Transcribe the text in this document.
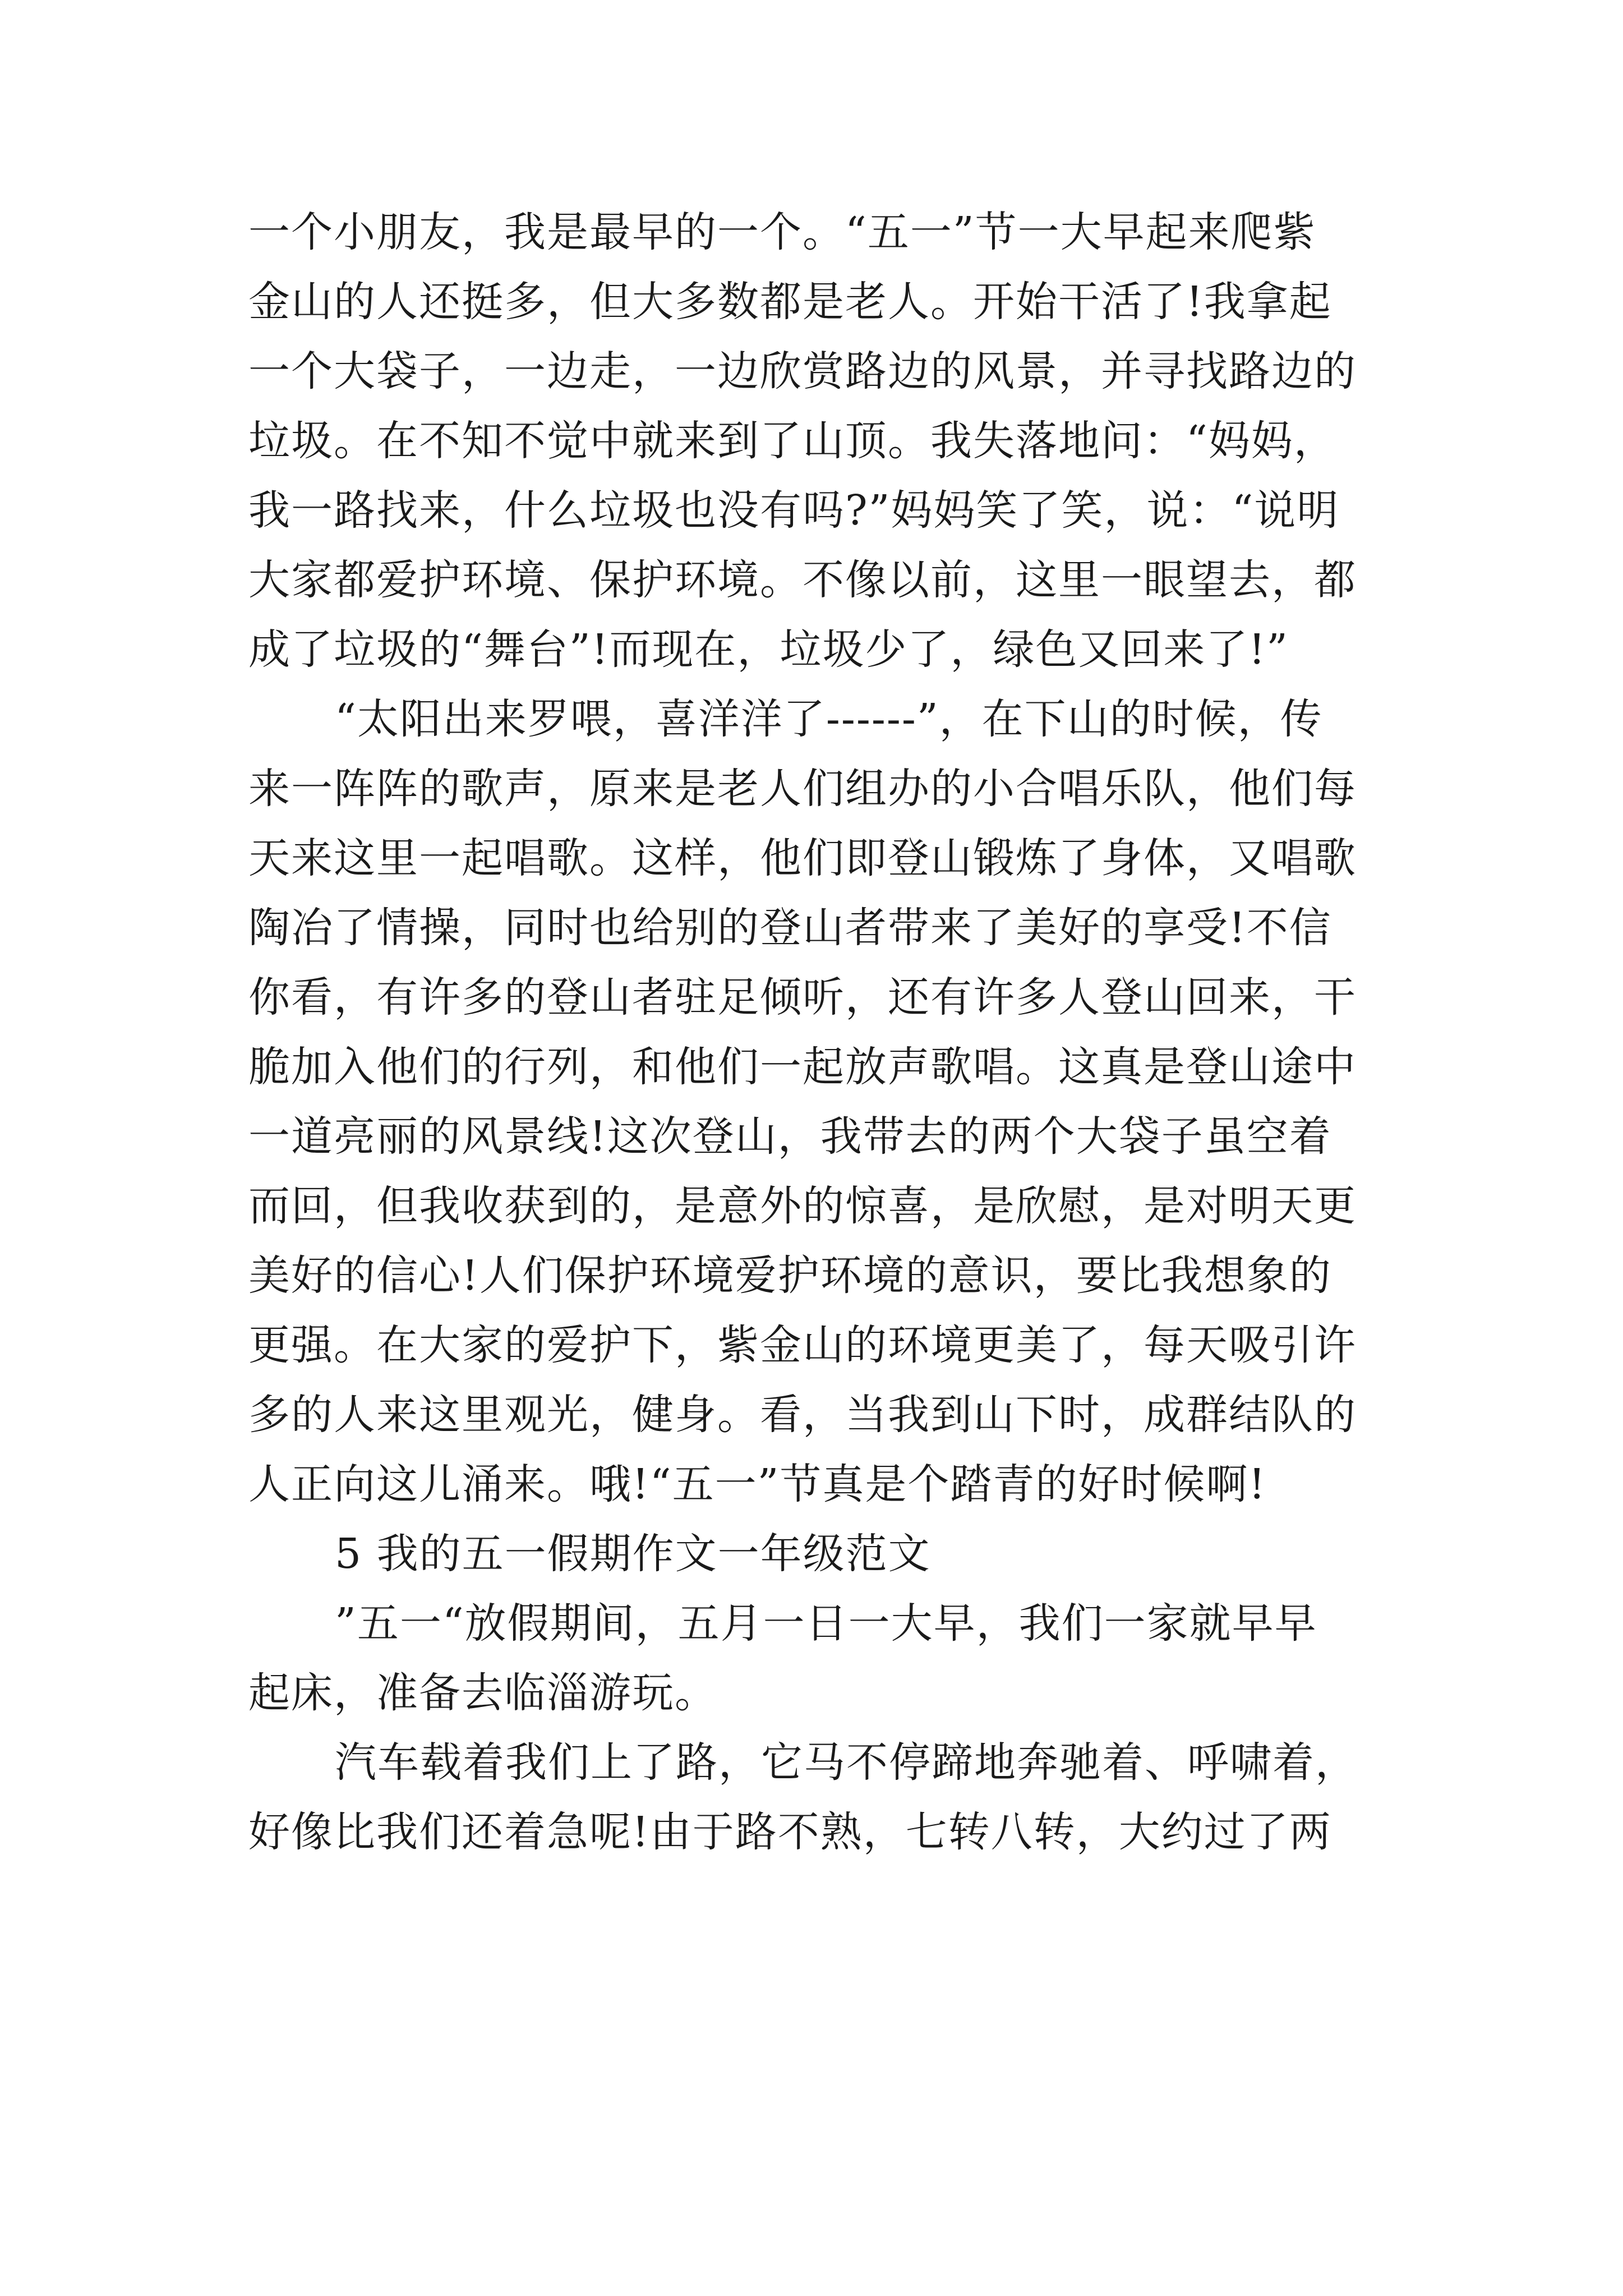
一个小朋友，我是最早的一个。“五一”节一大早起来爬紫
金山的人还挺多，但大多数都是老人。开始干活了!我拿起
一个大袋子，一边走，一边欣赏路边的风景，并寻找路边的
垃圾。在不知不觉中就来到了山顶。我失落地问：“妈妈，
我一路找来，什么垃圾也没有吗?”妈妈笑了笑，说：“说明
大家都爱护环境、保护环境。不像以前，这里一眼望去，都
成了垃圾的“舞台”!而现在，垃圾少了，绿色又回来了!”
“太阳出来罗喂，喜洋洋了------”，在下山的时候，传
来一阵阵的歌声，原来是老人们组办的小合唱乐队，他们每
天来这里一起唱歌。这样，他们即登山锻炼了身体，又唱歌
陶冶了情操，同时也给别的登山者带来了美好的享受!不信
你看，有许多的登山者驻足倾听，还有许多人登山回来，干
脆加入他们的行列，和他们一起放声歌唱。这真是登山途中
一道亮丽的风景线!这次登山，我带去的两个大袋子虽空着
而回，但我收获到的，是意外的惊喜，是欣慰，是对明天更
美好的信心!人们保护环境爱护环境的意识，要比我想象的
更强。在大家的爱护下，紫金山的环境更美了，每天吸引许
多的人来这里观光，健身。看，当我到山下时，成群结队的
人正向这儿涌来。哦!“五一”节真是个踏青的好时候啊!
5 我的五一假期作文一年级范文
”五一“放假期间，五月一日一大早，我们一家就早早
起床，准备去临淄游玩。
汽车载着我们上了路，它马不停蹄地奔驰着、呼啸着，
好像比我们还着急呢!由于路不熟，七转八转，大约过了两
